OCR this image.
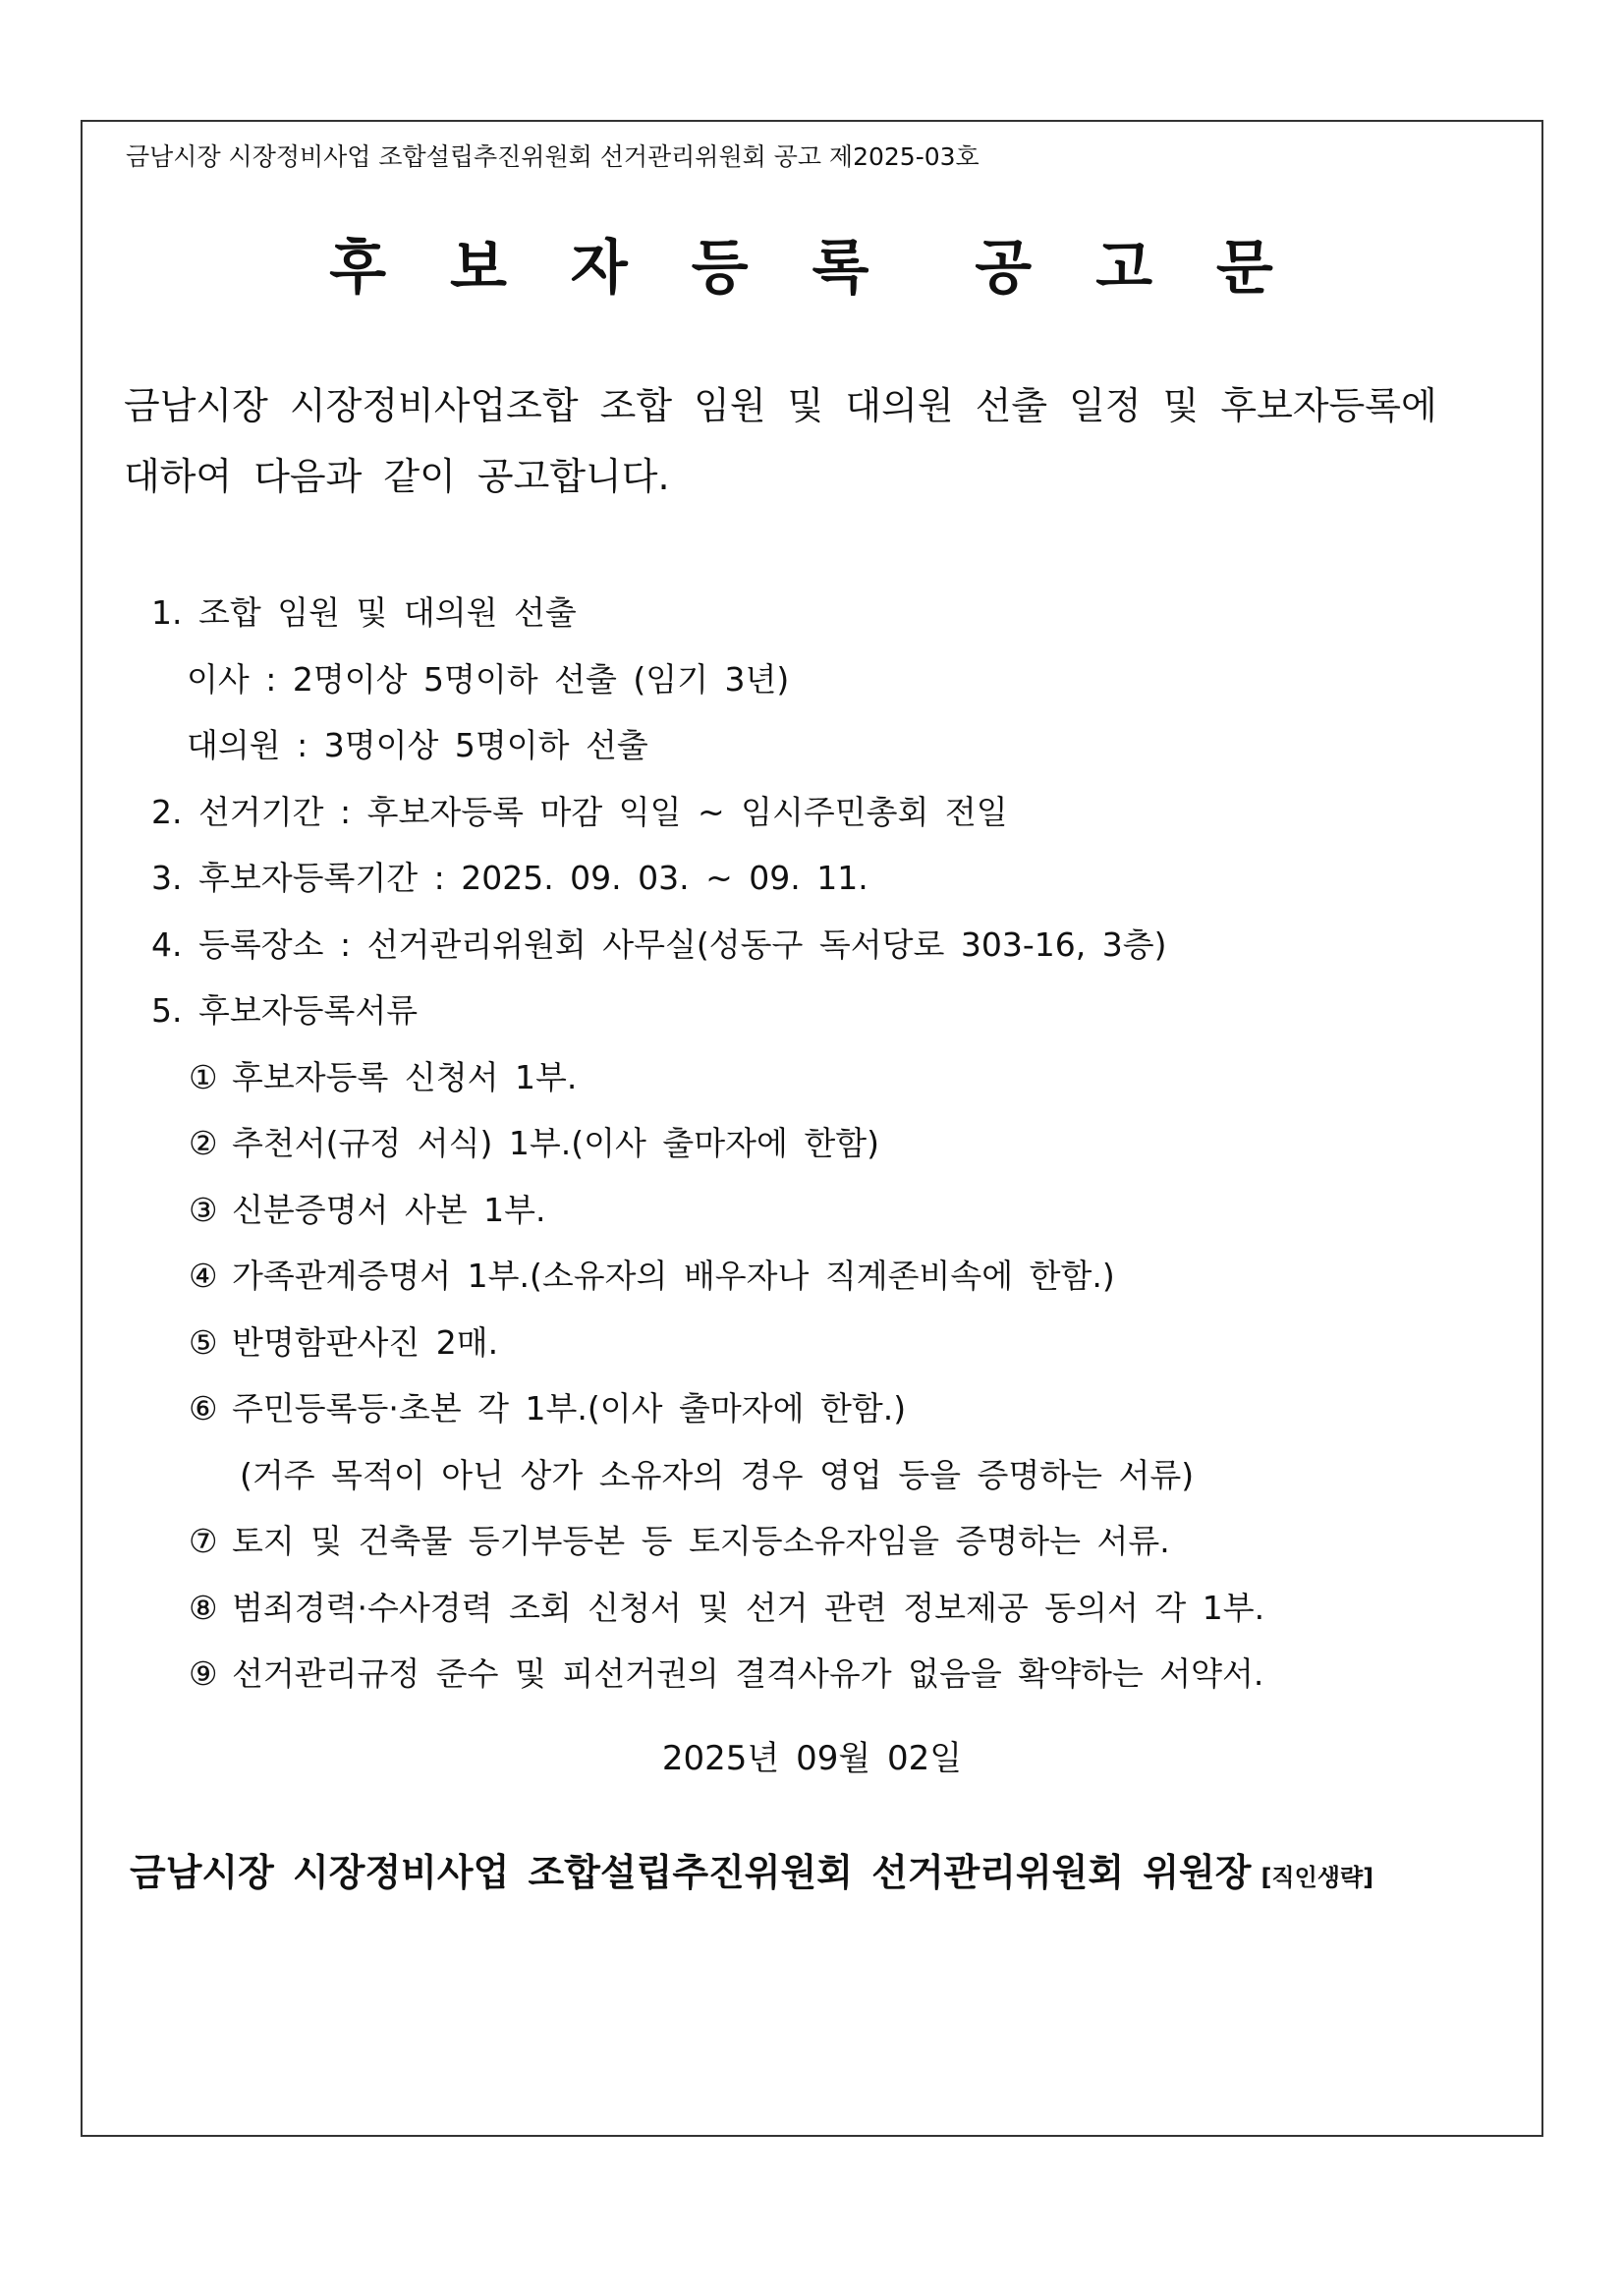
금남시장 시장정비사업 조합설립추진위원회 선거관리위원회 공고 제2025-03호
후 보 자 등 록  공 고 문
금남시장 시장정비사업조합 조합 임원 및 대의원 선출 일정 및 후보자등록에
대하여 다음과 같이 공고합니다.
1. 조합 임원 및 대의원 선출
이사 : 2명이상 5명이하 선출 (임기 3년)
대의원 : 3명이상 5명이하 선출
2. 선거기간 : 후보자등록 마감 익일 ~ 임시주민총회 전일
3. 후보자등록기간 : 2025. 09. 03. ~ 09. 11.
4. 등록장소 : 선거관리위원회 사무실(성동구 독서당로 303-16, 3층)
5. 후보자등록서류
① 후보자등록 신청서 1부.
② 추천서(규정 서식) 1부.(이사 출마자에 한함)
③ 신분증명서 사본 1부.
④ 가족관계증명서 1부.(소유자의 배우자나 직계존비속에 한함.)
⑤ 반명함판사진 2매.
⑥ 주민등록등·초본 각 1부.(이사 출마자에 한함.)
(거주 목적이 아닌 상가 소유자의 경우 영업 등을 증명하는 서류)
⑦ 토지 및 건축물 등기부등본 등 토지등소유자임을 증명하는 서류.
⑧ 범죄경력·수사경력 조회 신청서 및 선거 관련 정보제공 동의서 각 1부.
⑨ 선거관리규정 준수 및 피선거권의 결격사유가 없음을 확약하는 서약서.
2025년 09월 02일
금남시장 시장정비사업 조합설립추진위원회 선거관리위원회 위원장 [직인생략]
